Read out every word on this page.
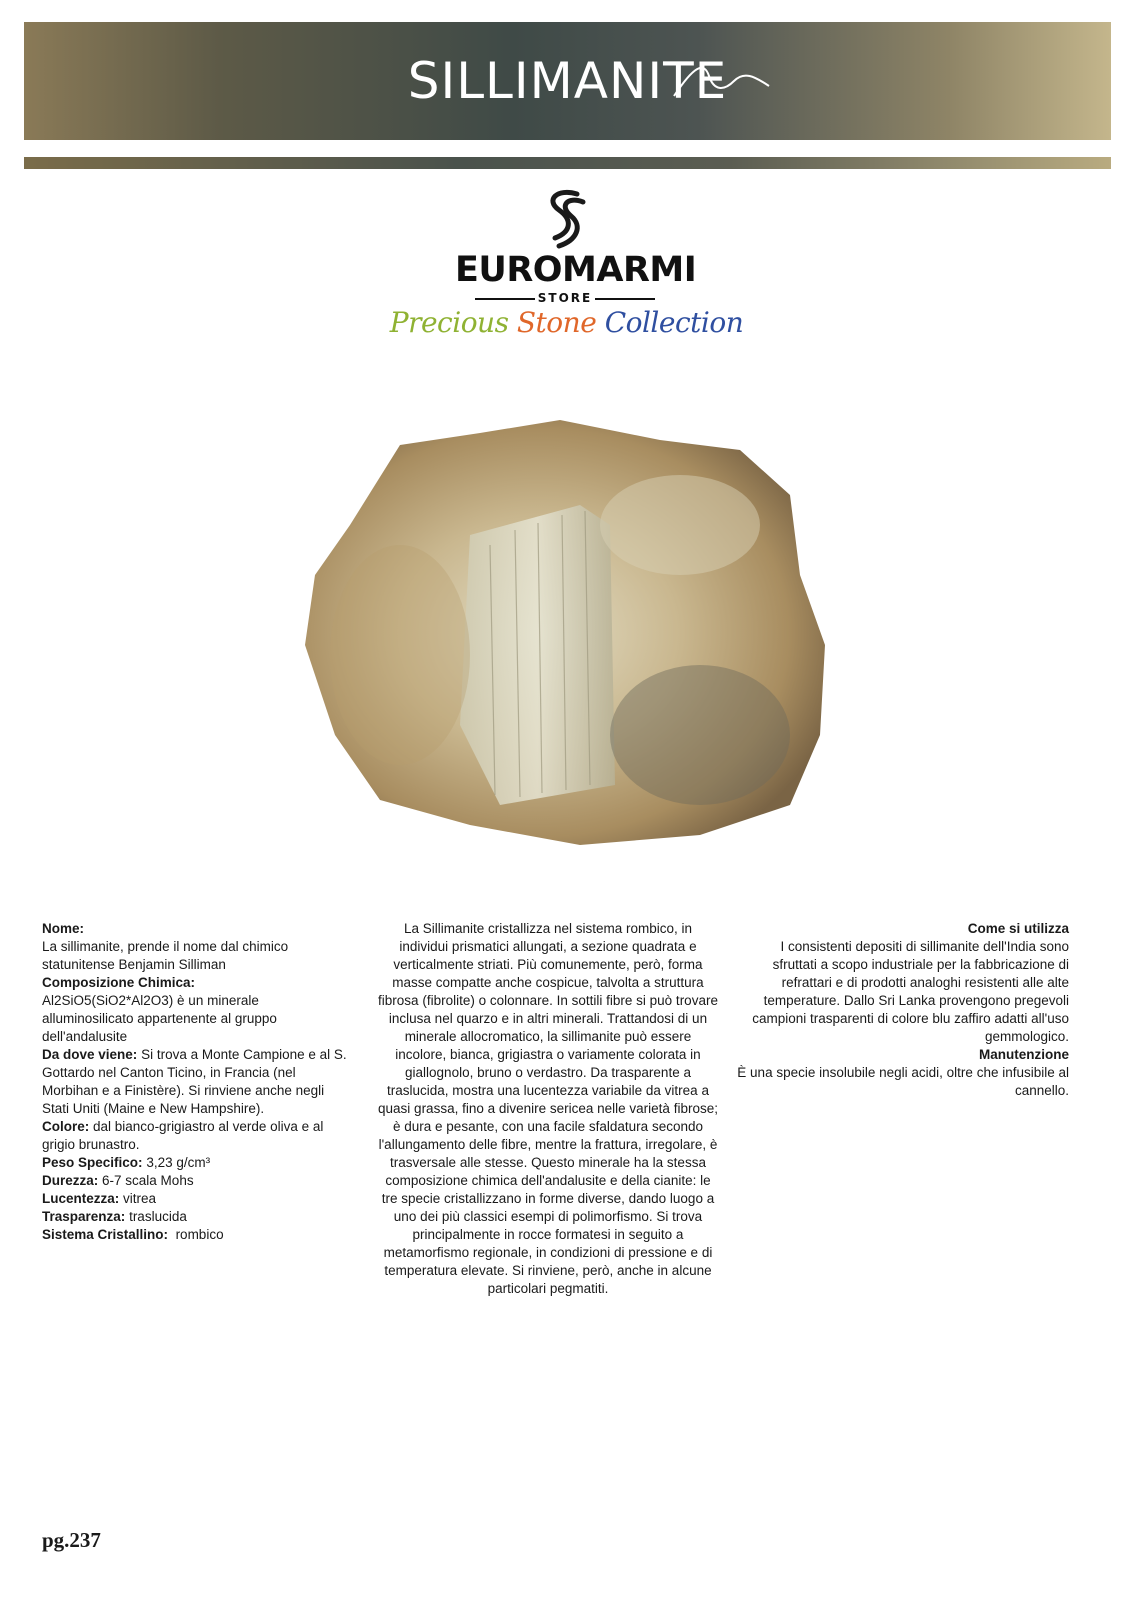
SILLIMANITE
EUROMARMI
STORE
Precious Stone Collection

Nome:

La sillimanite, prende il nome dal chimico statunitense Benjamin Silliman

Composizione Chimica:

Al2SiO5(SiO2*Al2O3) è un minerale alluminosilicato appartenente al gruppo dell'andalusite

Da dove viene: Si trova a Monte Campione e al S. Gottardo nel Canton Ticino, in Francia (nel Morbihan e a Finistère). Si rinviene anche negli Stati Uniti (Maine e New Hampshire).

Colore: dal bianco-grigiastro al verde oliva e al grigio brunastro.

Peso Specifico: 3,23 g/cm³

Durezza: 6-7 scala Mohs

Lucentezza: vitrea

Trasparenza: traslucida

Sistema Cristallino: rombico

La Sillimanite cristallizza nel sistema rombico, in individui prismatici allungati, a sezione quadrata e verticalmente striati. Più comunemente, però, forma masse compatte anche cospicue, talvolta a struttura fibrosa (fibrolite) o colonnare. In sottili fibre si può trovare inclusa nel quarzo e in altri minerali. Trattandosi di un minerale allocromatico, la sillimanite può essere incolore, bianca, grigiastra o variamente colorata in giallognolo, bruno o verdastro. Da trasparente a traslucida, mostra una lucentezza variabile da vitrea a quasi grassa, fino a divenire sericea nelle varietà fibrose; è dura e pesante, con una facile sfaldatura secondo l'allungamento delle fibre, mentre la frattura, irregolare, è trasversale alle stesse. Questo minerale ha la stessa composizione chimica dell'andalusite e della cianite: le tre specie cristallizzano in forme diverse, dando luogo a uno dei più classici esempi di polimorfismo. Si trova principalmente in rocce formatesi in seguito a metamorfismo regionale, in condizioni di pressione e di temperatura elevate. Si rinviene, però, anche in alcune particolari pegmatiti.

Come si utilizza

I consistenti depositi di sillimanite dell'India sono sfruttati a scopo industriale per la fabbricazione di refrattari e di prodotti analoghi resistenti alle alte temperature. Dallo Sri Lanka provengono pregevoli campioni trasparenti di colore blu zaffiro adatti all'uso gemmologico.

Manutenzione

È una specie insolubile negli acidi, oltre che infusibile al cannello.

pg.237
